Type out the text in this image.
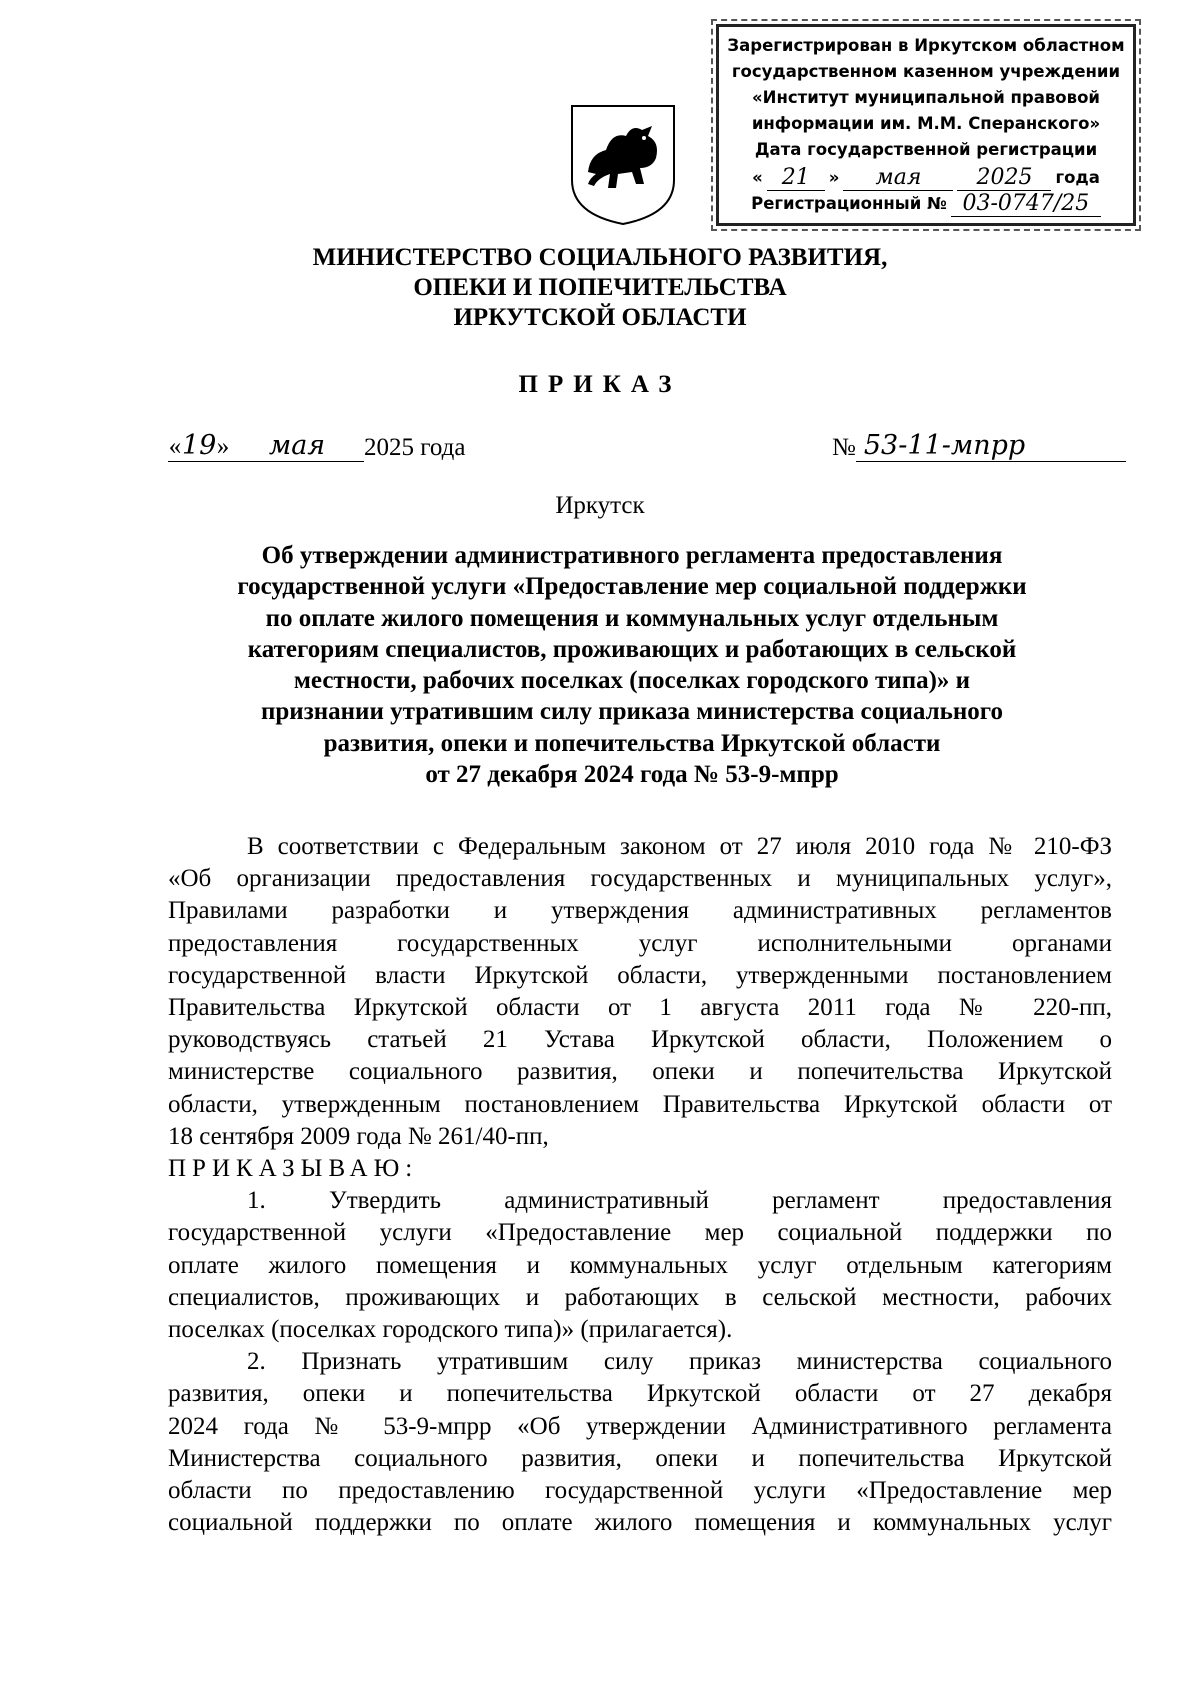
Зарегистрирован в Иркутском областном
государственном казенном учреждении
«Институт муниципальной правовой
информации им. М.М. Сперанского»
Дата государственной регистрации
« 21	»	мая	2025	года
Регистрационный № 03-0747/25
МИНИСТЕРСТВО СОЦИАЛЬНОГО РАЗВИТИЯ,
ОПЕКИ И ПОПЕЧИТЕЛЬСТВА
ИРКУТСКОЙ ОБЛАСТИ
ПРИКАЗ
« 19 »	мая	2025 года	№ 53-11-мпрр
Иркутск
Об утверждении административного регламента предоставления
государственной услуги «Предоставление мер социальной поддержки
по оплате жилого помещения и коммунальных услуг отдельным
категориям специалистов, проживающих и работающих в сельской
местности, рабочих поселках (поселках городского типа)» и
признании утратившим силу приказа министерства социального
развития, опеки и попечительства Иркутской области
от 27 декабря 2024 года № 53-9-мпрр
В соответствии с Федеральным законом от 27 июля 2010 года № 210-ФЗ
«Об организации предоставления государственных и муниципальных услуг»,
Правилами разработки и утверждения административных регламентов
предоставления государственных услуг исполнительными органами
государственной власти Иркутской области, утвержденными постановлением
Правительства Иркутской области от 1 августа 2011 года № 220-пп,
руководствуясь статьей 21 Устава Иркутской области, Положением о
министерстве социального развития, опеки и попечительства Иркутской
области, утвержденным постановлением Правительства Иркутской области от
18 сентября 2009 года № 261/40-пп,
ПРИКАЗЫВАЮ:
1. Утвердить административный регламент предоставления
государственной услуги «Предоставление мер социальной поддержки по
оплате жилого помещения и коммунальных услуг отдельным категориям
специалистов, проживающих и работающих в сельской местности, рабочих
поселках (поселках городского типа)» (прилагается).
2. Признать утратившим силу приказ министерства социального
развития, опеки и попечительства Иркутской области от 27 декабря
2024 года № 53-9-мпрр «Об утверждении Административного регламента
Министерства социального развития, опеки и попечительства Иркутской
области по предоставлению государственной услуги «Предоставление мер
социальной поддержки по оплате жилого помещения и коммунальных услуг
